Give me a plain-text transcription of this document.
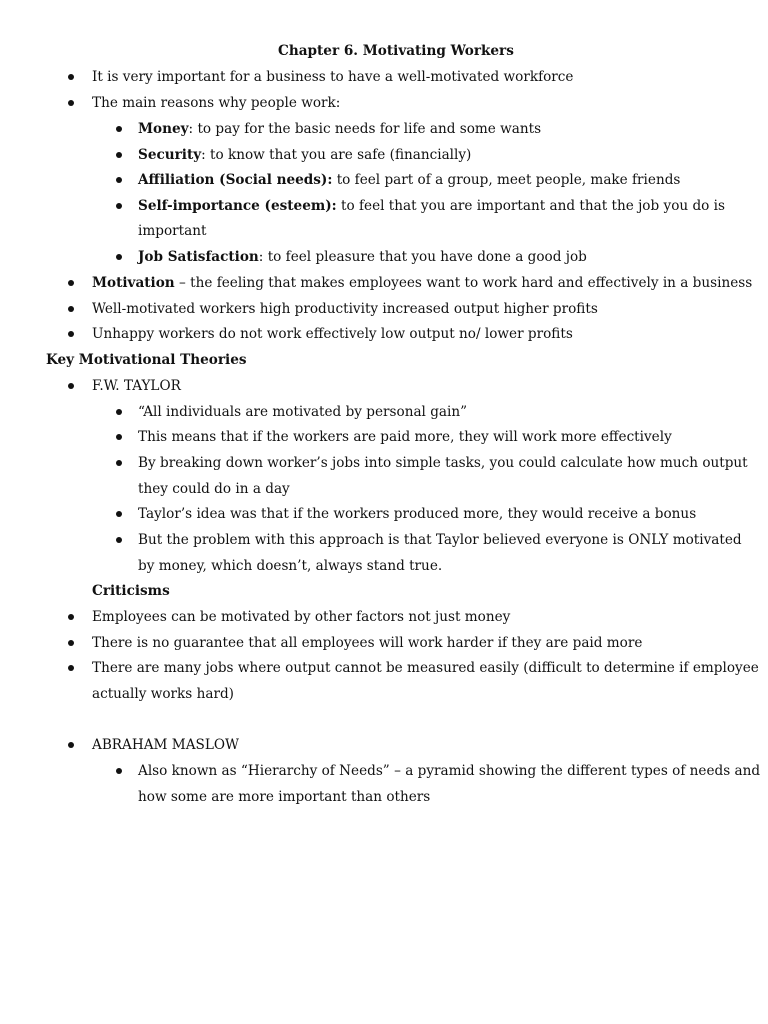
Chapter 6. Motivating Workers
It is very important for a business to have a well-motivated workforce
The main reasons why people work:
Money: to pay for the basic needs for life and some wants
Security: to know that you are safe (financially)
Affiliation (Social needs): to feel part of a group, meet people, make friends
Self-importance (esteem): to feel that you are important and that the job you do is
important
Job Satisfaction: to feel pleasure that you have done a good job
Motivation – the feeling that makes employees want to work hard and effectively in a business
Well-motivated workers high productivity increased output higher profits
Unhappy workers do not work effectively low output no/ lower profits
Key Motivational Theories
F.W. TAYLOR
“All individuals are motivated by personal gain”
This means that if the workers are paid more, they will work more effectively
By breaking down worker’s jobs into simple tasks, you could calculate how much output
they could do in a day
Taylor’s idea was that if the workers produced more, they would receive a bonus
But the problem with this approach is that Taylor believed everyone is ONLY motivated
by money, which doesn’t, always stand true.
Criticisms
Employees can be motivated by other factors not just money
There is no guarantee that all employees will work harder if they are paid more
There are many jobs where output cannot be measured easily (difficult to determine if employee
actually works hard)
ABRAHAM MASLOW
Also known as “Hierarchy of Needs” – a pyramid showing the different types of needs and
how some are more important than others
